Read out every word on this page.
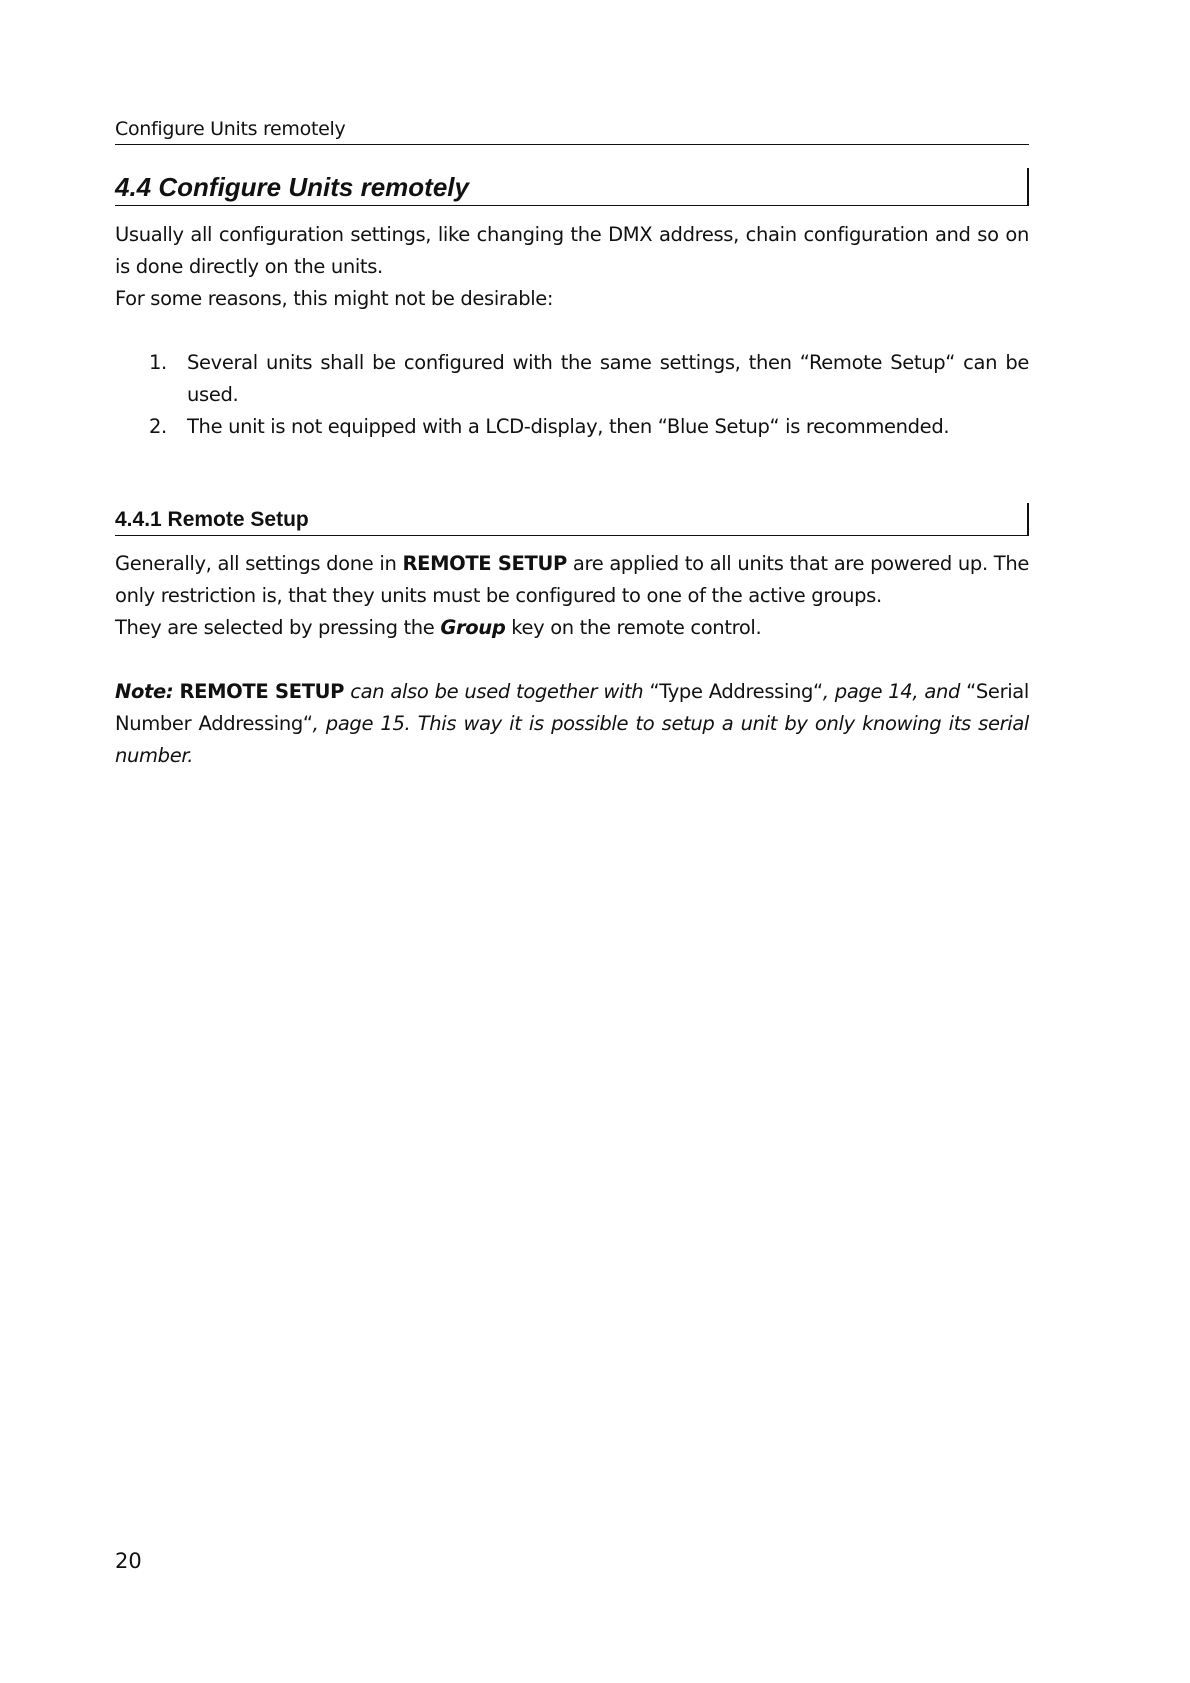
Configure Units remotely
4.4 Configure Units remotely

Usually all configuration settings, like changing the DMX address, chain configuration and so on is done directly on the units.

For some reasons, this might not be desirable:

1. Several units shall be configured with the same settings, then “Remote Setup“ can be used.
2. The unit is not equipped with a LCD-display, then “Blue Setup“ is recommended.
4.4.1 Remote Setup

Generally, all settings done in REMOTE SETUP are applied to all units that are powered up. The only restriction is, that they units must be configured to one of the active groups.

They are selected by pressing the Group key on the remote control.

Note: REMOTE SETUP can also be used together with “Type Addressing“, page 14, and “Serial Number Addressing“, page 15. This way it is possible to setup a unit by only knowing its serial number.

20
